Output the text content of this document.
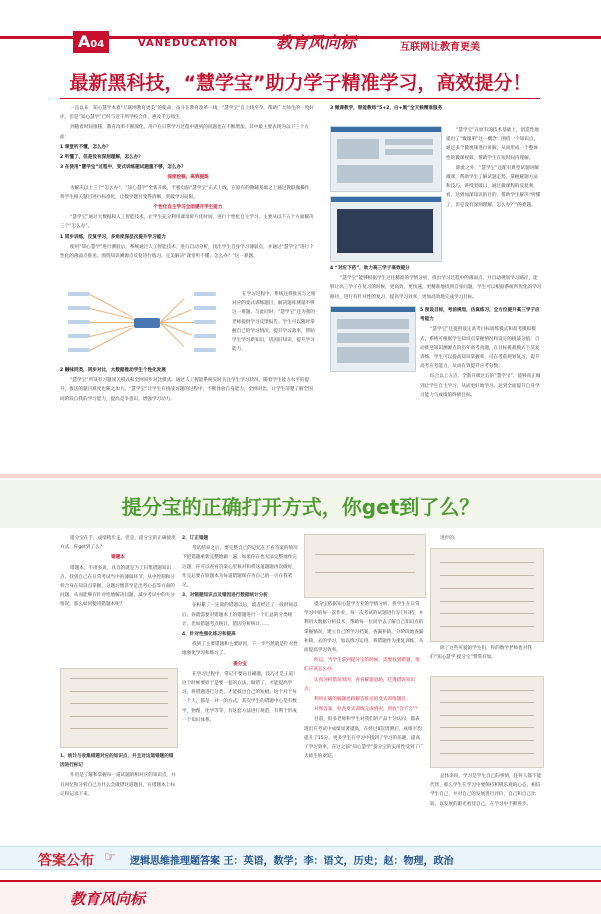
A04	VANEDUCATION 教育风向标	互联网让教育更美
最新黑科技，“慧学宝”助力学子精准学习，高效提分！

一直以来，知心慧学本着“互联网教育更美”的使命，奋斗在教育改革一线，“慧学宝”自上线至今，帮助广大师生的一致好评。但是“知心慧学”已经与近千所学校合作，惠及千万师生。

到随着时间推移，教育改革不断深化，用户在日常学习过程中遇到的问题也在不断增加，其中最主要表现为以下三个方面：

1 课堂听不懂，怎么办？

2 听懂了，但是没有深刻理解，怎么办？

3 在使用“慧学宝”过程中，变式训练题试题重不够，怎么办？

深度挖掘，高效提炼

为解决以上三个“怎么办”，“知心慧学”全新升级，平板电脑“慧学宝”正式上线，在原有的教辅基础之上通过教联微操作，将学生相关题目进行标准化，让数学题目变得清晰，突破学习局限。

个性化自主学习全面提升学生能力

“慧学宝”通过大数据和人工智能技术，让学生充分利用课余碎片化时间，进行个性化自主学习。主要从以下五个方面解决三个“怎么办”。

1 同步训练，反复学习，多角度深层次提升学习能力

使用“知心慧学”进行测验后，系统通过人工智能技术，进行自动分析，找出学生自身学习薄弱点，并通过“慧学宝”进行个性化的薄弱点推送。围绕知识溯源点反复进行练习，完美解决“课堂听不懂，怎么办？”这一难题。

在学习过程中，系统还将推送与之相对应的变式训练题目，解决题库测量不够这一难题。与此同时，“慧学宝”还为我的老师提供学习反馈报告。学生可以随时掌握自己的学习情况，提升学习效率，帮助学生学习新知识，巩固旧知识，提升学习能力。

2 融味同类，同步对比，大数据推动学生个性化发展

“慧学宝”所设有习题闯关模式和全网同步对比模式。通过人工智能系统实时关注学生学习状况，随着学生能力水平的提升，推送的题目难度也随之加大。“慧学宝”让学生在挑战习题的过程中，不断体验自身能力，全网对比，让学生清楚了解全国同阶段自我的学习能力，提高竞争意识，增强学习动力。

3 微课教学，智能教师“5+2，白+黑”全天候精准服务

“慧学宝”在原有的技术基础上，创造性地提出了“微课册”这一概念：围绕一个知识点，通过多个微视频进行讲解，从而形成一个整体性的微课视频，帮助学生在短时间内理解。

除此之外，“慧学宝”还配有典型试题讲解微课，帮助学生了解试题走势，掌握解题方法和技巧，讲授突破口，通过微课程的反复观看，达到加深知识的目的，帮助学生解决“听懂了，但是没有深刻理解，怎么办？”的难题。

4 “对应下药”，助力高三学子高效提分

“慧学宝”能够根据学生过往精准的学情分析，找出学习过程中的薄弱点，并自动规划学习路径，能够让高三学子在复习的时候，更高效，更快速，更精准地找到自身问题，学生可以根据系统所优化的学习路径，进行有针对性的复习，提高学习效率，更加高效地完成学习目标。

5 预设目标，考前规划，仿真练习，全方位提升高三学子应考能力

“慧学宝”还提供设定高考目标训练模式和高考模拟模式，系统可根据学生知识点掌握情况和设定的挑战分值，自动推送知识溯源点的历年高考真题，在目标挑战模式下反复训练，学生可以提高知识掌握率，可在考前规划复习，提升高考应考能力，从而有效提升应考分数。

综合以上五点，全新升级过后的“慧学宝”，能够真正做到让学生自主学习，从而更好地学习。达到全面提升自身学习能力与成绩的终极目标。

提分宝的正确打开方式，你get到了么？

提分宝在手，成绩稍步走。但是，提分宝的正确使用方式，你get到了么？

错题本

错题本，不用多说，具自的就是为了归集错题知识点，找到自己在日常考试当中的薄弱环节，从中控制和分析合身在知识点掌握，分题习惯甚至是出考心态等方面的问题，从而能够有针对性地解决问题，减少考试中的失分情况，那么如何使用错题本呢？

1、统计与收集错题对应的知识点，并且对这道错题的错因进行标记

作用是了解和掌握每一道试题的相对应的知识点，并且回忆和分析自己为什么会做错这道题目，在错题本上标记和记录下来。

2、订正错题

考试结束之后，要完整自己的记忆在不看答案的情况下把错题重新完整地做一遍，如果你在也无法完整地作完这题，你可以查看答案心里核对和将这道题题再次做好，作完后要在原题本为每道错题保存为自己的一页在我笔记。

3、对错题知识点及错因进行数据统计分析

在积累了一定量的错题以后，或者经过了一段时间以后，你就需要对错题本上的错题进行一个汇总的分类统计，比如错题考点统计，错因分析统计……

4、针对性强化练习和提高

找到了主要错题和主要原因，下一步当然就是针对性地强化学习和练习了。

提分宝

在学习过程中，常记不要盲目刷题，技巧才是王道！这个时候要原于是要一套的方法，做错了，才能提高学习，将错题进行分类，才能找出自己的短板。这个对于每一个人，都是一对一的方式，其次学生的错题中心是有数学，物理，化学等等，有这套方法进行规范，有利于形成一个知识体系。

提分宝依据知心慧学专业的学情分析，将学生在日常学习中的每一次作业，每一次考试的试题进行专门归档，并利用大数据分析技术，帮助每一位同学去了解自己知识点的掌握情况，建立自己的学习档案，查漏补缺，分阶段地查漏补缺，去的学习，加以练习运用，将错题作为重复训练，从而提高学习效率。

所以，当学生拿到提分宝的时候，需要找到错题，他们应该怎么办：

认真分析错误原因，查看解题思路，吃透错误知识点；

利用正确的解题思路解答推送的变式训练题目。

对照答案，检查变式训练完成情况，到底“会不会”？

目前，很多老师和学生对我们的产品十分认同，都表现出在考试中成绩显著提高，在经过6次周测后，成绩平均提升了15分，更多学生在学习中找到了学习的乐趣，提高了学习效率，在这之前“知心慧学”提分宝的实用性受到了广大师生的欢迎。

进步的。

除了这些可爱的学生们，你的数学老师也对我们“知心慧学·提分宝”赞赏有加。

总体来说，学习是学生自己的事情，任何人都不能代替，那么学生在学习中要保持积极乐观的心态，相信学生自己，并对自己的发展进行评价，自己和自己比较，以发展的眼光看待自己，在学习中不断进步。

答案公布 ☞ 逻辑思维推理题答案 王：英语，数学；李：语文，历史；赵：物理，政治
教育风向标
